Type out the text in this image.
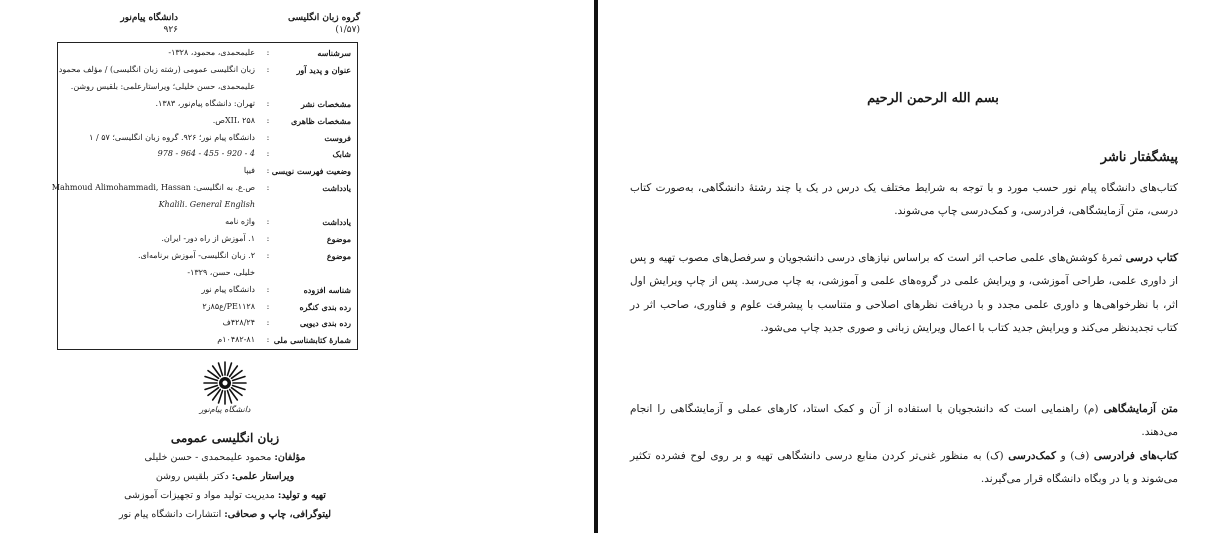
گروه زبان انگلیسی
(۱/۵۷)
دانشگاه پیام‌نور
۹۲۶
سرشناسه
:
علیمحمدی، محمود، ۱۳۲۸-
عنوان و پدید آور
:
زبان انگلیسی عمومی (رشته زبان انگلیسی) / مؤلف محمود
علیمحمدی، حسن خلیلی؛ ویراستارعلمی: بلقیس روشن.
مشخصات نشر
:
تهران: دانشگاه پیام‌نور، ۱۳۸۳.
مشخصات ظاهری
:
XII، ۲۵۸ص.
فروست
:
دانشگاه پیام نور؛ ۹۲۶. گروه زبان انگلیسی؛ ۵۷ / ۱
شابک
:
978 - 964 - 455 - 920 - 4
وضعیت فهرست نویسی
:
فیپا
یادداشت
:
ص.ع. به انگلیسی: Mahmoud Alimohammadi, Hassan
Khalili. General English
یادداشت
:
واژه نامه
موضوع
:
۱. آموزش از راه دور- ایران.
موضوع
:
۲. زبان انگلیسی- آموزش برنامه‌ای.
خلیلی، حسن، ۱۳۲۹-
شناسه افزوده
:
دانشگاه پیام نور
رده بندی کنگره
:
PE۱۱۲۸/ع۸۵ز۲
رده بندی دیویی
:
۴۲۸/۲۴ف
شمارهٔ کتابشناسی ملی
:
۱۰۴۸۲-۸۱م
دانشگاه پیام‌نور
زبان انگلیسی عمومی
مؤلفان: محمود علیمحمدی - حسن خلیلی
ویراستار علمی: دکتر بلقیس روشن
تهیه و تولید: مدیریت تولید مواد و تجهیزات آموزشی
لیتوگرافی، چاپ و صحافی: انتشارات دانشگاه پیام نور
بسم الله الرحمن الرحیم
پیشگفتار ناشر
کتاب‌های دانشگاه پیام نور حسب مورد و با توجه به شرایط مختلف یک درس در یک یا چند رشتهٔ دانشگاهی، به‌صورت کتاب درسی، متن آزمایشگاهی، فرادرسی، و کمک‌درسی چاپ می‌شوند.
کتاب درسی ثمرهٔ کوشش‌های علمی صاحب اثر است که براساس نیازهای درسی دانشجویان و سرفصل‌های مصوب تهیه و پس از داوری علمی، طراحی آموزشی، و ویرایش علمی در گروه‌های علمی و آموزشی، به چاپ می‌رسد. پس از چاپ ویرایش اول اثر، با نظرخواهی‌ها و داوری علمی مجدد و با دریافت نظرهای اصلاحی و متناسب با پیشرفت علوم و فناوری، صاحب اثر در کتاب تجدیدنظر می‌کند و ویرایش جدید کتاب با اعمال ویرایش زبانی و صوری جدید چاپ می‌شود.
متن آزمایشگاهی (م) راهنمایی است که دانشجویان با استفاده از آن و کمک استاد، کارهای عملی و آزمایشگاهی را انجام می‌دهند.
کتاب‌های فرادرسی (ف) و کمک‌درسی (ک) به منظور غنی‌تر کردن منابع درسی دانشگاهی تهیه و بر روی لوح فشرده تکثیر می‌شوند و یا در وبگاه دانشگاه قرار می‌گیرند.
